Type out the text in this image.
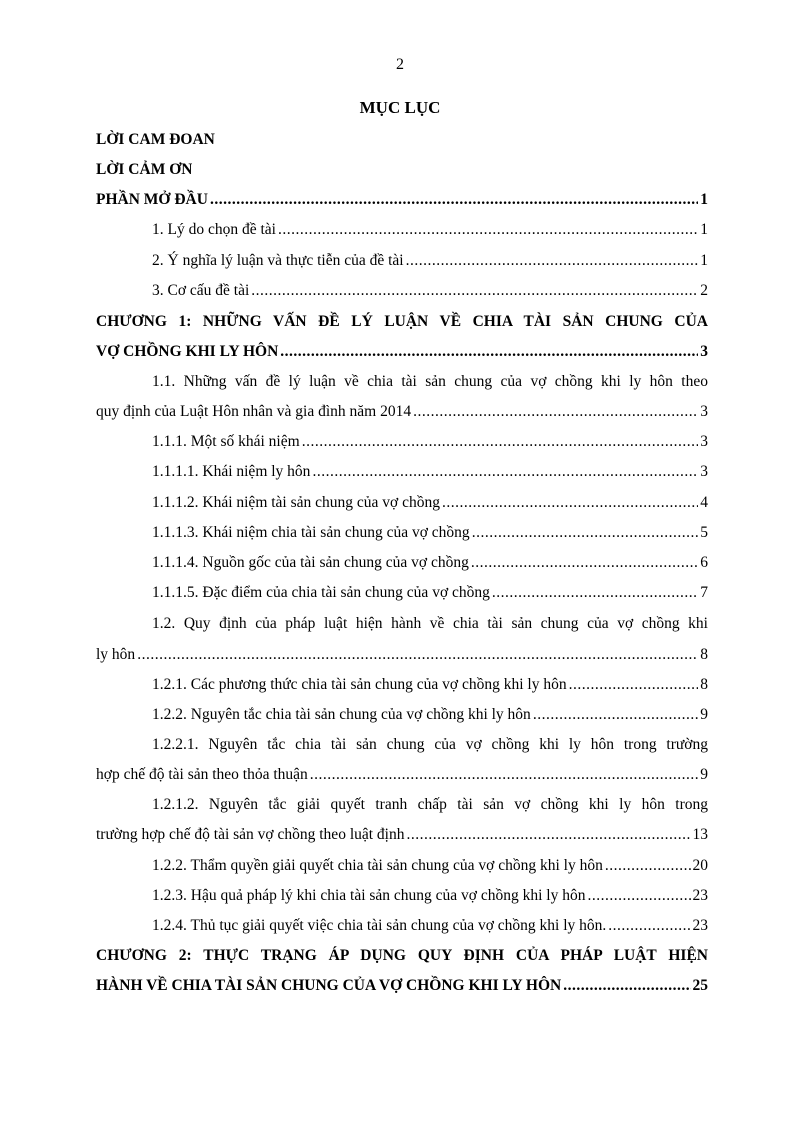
2
MỤC LỤC
LỜI CAM ĐOAN
LỜI CẢM ƠN
PHẦN MỞ ĐẦU .....	1
1. Lý do chọn đề tài .....	1
2. Ý nghĩa lý luận và thực tiễn của đề tài .....	1
3. Cơ cấu đề tài .....	2
CHƯƠNG 1: NHỮNG VẤN ĐỀ LÝ LUẬN VỀ CHIA TÀI SẢN CHUNG CỦA
VỢ CHỒNG KHI LY HÔN .....	3
1.1. Những vấn đề lý luận về chia tài sản chung của vợ chồng khi ly hôn theo
quy định của Luật Hôn nhân và gia đình năm 2014 .....	3
1.1.1. Một số khái niệm .....	3
1.1.1.1. Khái niệm ly hôn .....	3
1.1.1.2. Khái niệm tài sản chung của vợ chồng .....	4
1.1.1.3. Khái niệm chia tài sản chung của vợ chồng .....	5
1.1.1.4. Nguồn gốc của tài sản chung của vợ chồng .....	6
1.1.1.5. Đặc điểm của chia tài sản chung của vợ chồng .....	7
1.2. Quy định của pháp luật hiện hành về chia tài sản chung của vợ chồng khi
ly hôn .....	8
1.2.1. Các phương thức chia tài sản chung của vợ chồng khi ly hôn .....	8
1.2.2. Nguyên tắc chia tài sản chung của vợ chồng khi ly hôn .....	9
1.2.2.1. Nguyên tắc chia tài sản chung của vợ chồng khi ly hôn trong trường
hợp chế độ tài sản theo thỏa thuận .....	9
1.2.1.2. Nguyên tắc giải quyết tranh chấp tài sản vợ chồng khi ly hôn trong
trường hợp chế độ tài sản vợ chồng theo luật định .....	13
1.2.2. Thẩm quyền giải quyết chia tài sản chung của vợ chồng khi ly hôn .....	20
1.2.3. Hậu quả pháp lý khi chia tài sản chung của vợ chồng khi ly hôn .....	23
1.2.4. Thủ tục giải quyết việc chia tài sản chung của vợ chồng khi ly hôn. .....	23
CHƯƠNG 2: THỰC TRẠNG ÁP DỤNG QUY ĐỊNH CỦA PHÁP LUẬT HIỆN
HÀNH VỀ CHIA TÀI SẢN CHUNG CỦA VỢ CHỒNG KHI LY HÔN .....	25
